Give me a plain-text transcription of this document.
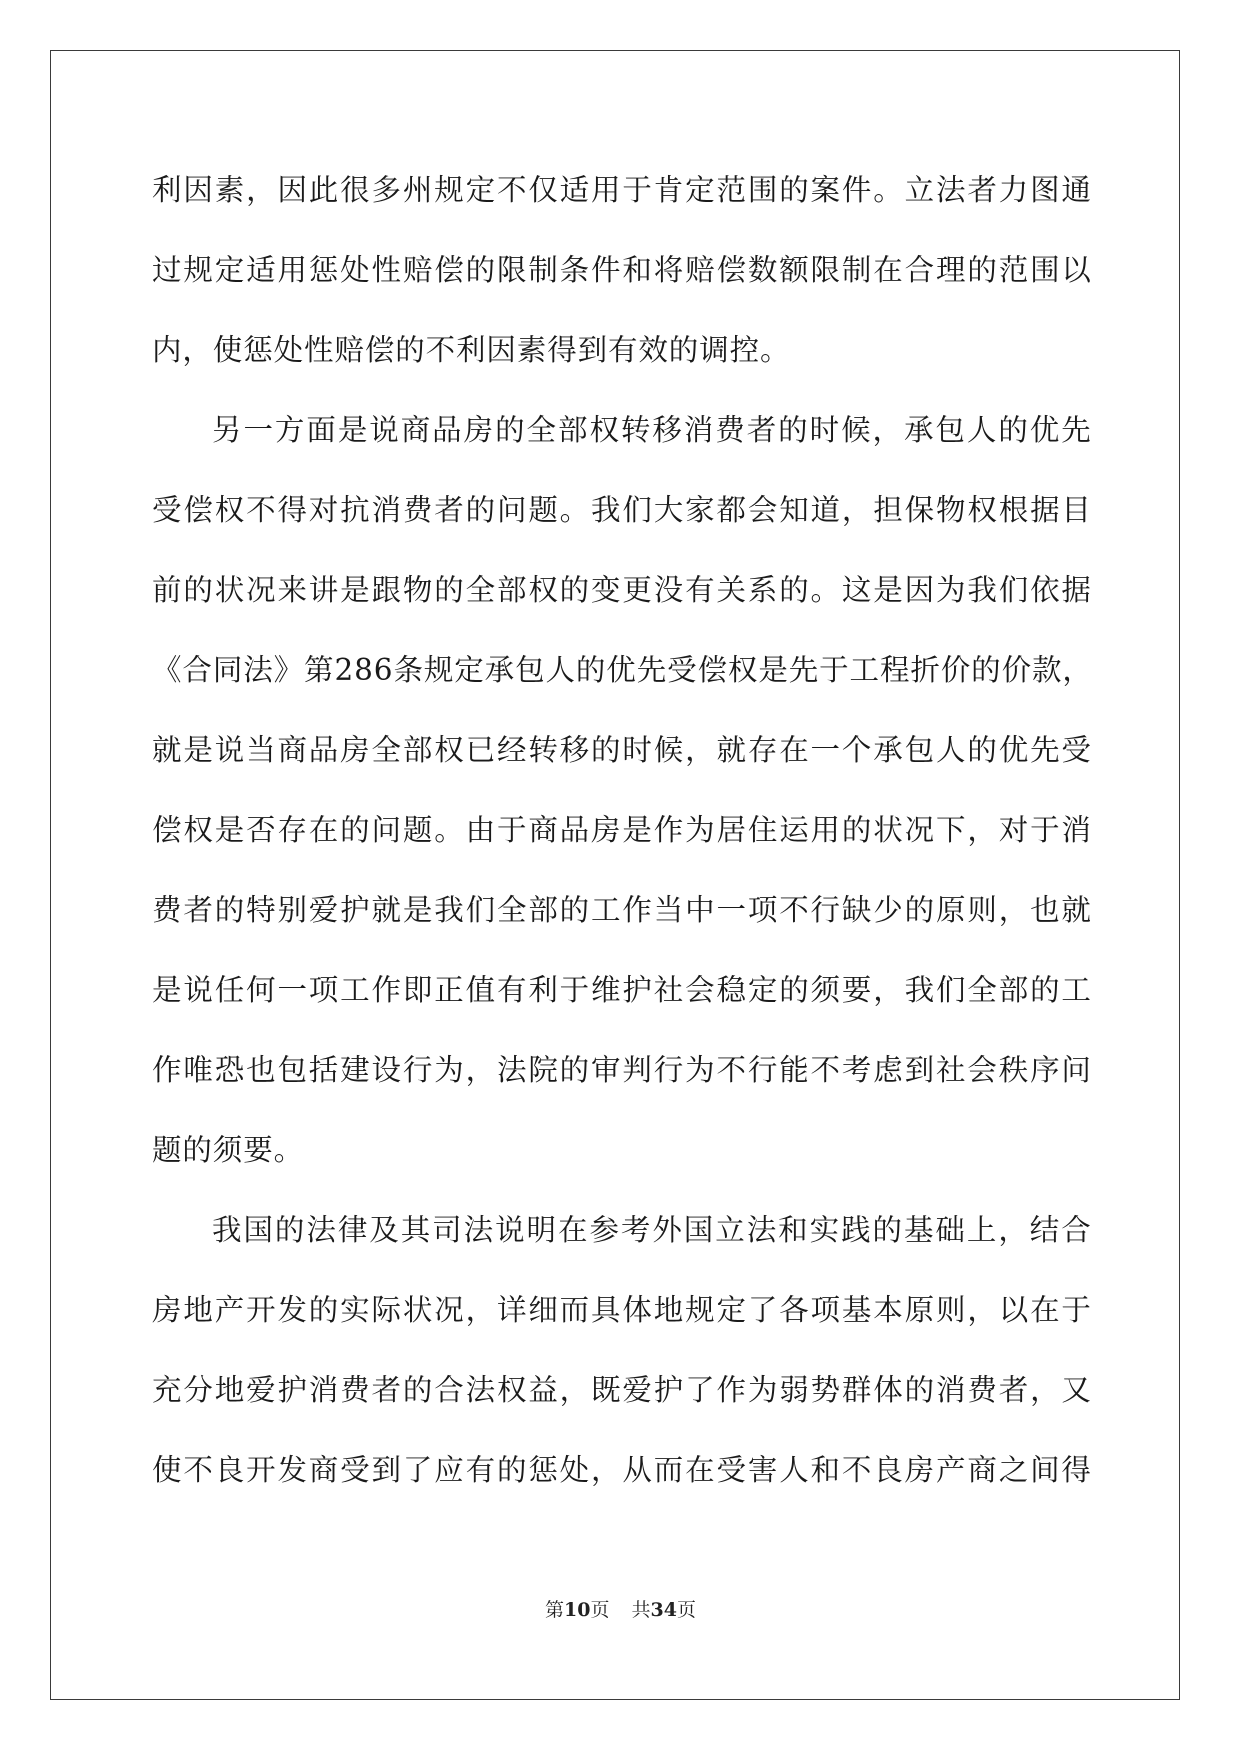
利 因 素 ， 因 此 很 多 州 规 定 不 仅 适 用 于 肯 定 范 围 的 案 件 。 立 法 者 力 图 通
过 规 定 适 用 惩 处 性 赔 偿 的 限 制 条 件 和 将 赔 偿 数 额 限 制 在 合 理 的 范 围 以
内，使惩处性赔偿的不利因素得到有效的调控。
另 一 方 面 是 说 商 品 房 的 全 部 权 转 移 消 费 者 的 时 候 ， 承 包 人 的 优 先
受 偿 权 不 得 对 抗 消 费 者 的 问 题 。 我 们 大 家 都 会 知 道 ， 担 保 物 权 根 据 目
前 的 状 况 来 讲 是 跟 物 的 全 部 权 的 变 更 没 有 关 系 的 。 这 是 因 为 我 们 依 据
《 合 同 法 》 第 286 条 规 定 承 包 人 的 优 先 受 偿 权 是 先 于 工 程 折 价 的 价 款 ，
就 是 说 当 商 品 房 全 部 权 已 经 转 移 的 时 候 ， 就 存 在 一 个 承 包 人 的 优 先 受
偿 权 是 否 存 在 的 问 题 。 由 于 商 品 房 是 作 为 居 住 运 用 的 状 况 下 ， 对 于 消
费 者 的 特 别 爱 护 就 是 我 们 全 部 的 工 作 当 中 一 项 不 行 缺 少 的 原 则 ， 也 就
是 说 任 何 一 项 工 作 即 正 值 有 利 于 维 护 社 会 稳 定 的 须 要 ， 我 们 全 部 的 工
作 唯 恐 也 包 括 建 设 行 为 ， 法 院 的 审 判 行 为 不 行 能 不 考 虑 到 社 会 秩 序 问
题的须要。
我 国 的 法 律 及 其 司 法 说 明 在 参 考 外 国 立 法 和 实 践 的 基 础 上 ， 结 合
房 地 产 开 发 的 实 际 状 况 ， 详 细 而 具 体 地 规 定 了 各 项 基 本 原 则 ， 以 在 于
充 分 地 爱 护 消 费 者 的 合 法 权 益 ， 既 爱 护 了 作 为 弱 势 群 体 的 消 费 者 ， 又
使 不 良 开 发 商 受 到 了 应 有 的 惩 处 ， 从 而 在 受 害 人 和 不 良 房 产 商 之 间 得
第10页 共34页
